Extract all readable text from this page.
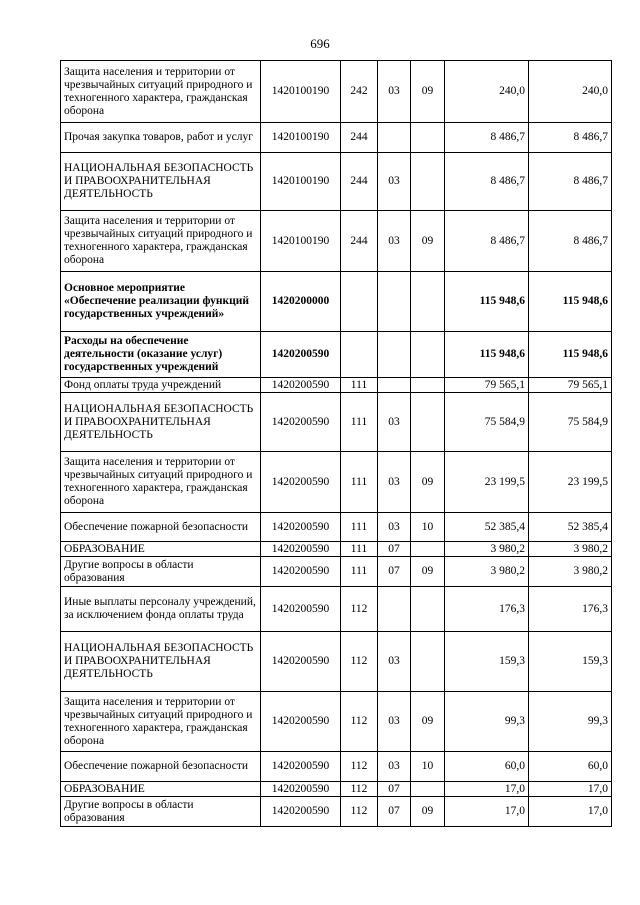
696
Защита населения и территории от чрезвычайных ситуаций природного и техногенного характера, гражданская оборона	1420100190	242	03	09	240,0	240,0
Прочая закупка товаров, работ и услуг	1420100190	244			8 486,7	8 486,7
НАЦИОНАЛЬНАЯ БЕЗОПАСНОСТЬ И ПРАВООХРАНИТЕЛЬНАЯ ДЕЯТЕЛЬНОСТЬ	1420100190	244	03		8 486,7	8 486,7
Защита населения и территории от чрезвычайных ситуаций природного и техногенного характера, гражданская оборона	1420100190	244	03	09	8 486,7	8 486,7
Основное мероприятие «Обеспечение реализации функций государственных учреждений»	1420200000				115 948,6	115 948,6
Расходы на обеспечение деятельности (оказание услуг) государственных учреждений	1420200590				115 948,6	115 948,6
Фонд оплаты труда учреждений	1420200590	111			79 565,1	79 565,1
НАЦИОНАЛЬНАЯ БЕЗОПАСНОСТЬ И ПРАВООХРАНИТЕЛЬНАЯ ДЕЯТЕЛЬНОСТЬ	1420200590	111	03		75 584,9	75 584,9
Защита населения и территории от чрезвычайных ситуаций природного и техногенного характера, гражданская оборона	1420200590	111	03	09	23 199,5	23 199,5
Обеспечение пожарной безопасности	1420200590	111	03	10	52 385,4	52 385,4
ОБРАЗОВАНИЕ	1420200590	111	07		3 980,2	3 980,2
Другие вопросы в области образования	1420200590	111	07	09	3 980,2	3 980,2
Иные выплаты персоналу учреждений, за исключением фонда оплаты труда	1420200590	112			176,3	176,3
НАЦИОНАЛЬНАЯ БЕЗОПАСНОСТЬ И ПРАВООХРАНИТЕЛЬНАЯ ДЕЯТЕЛЬНОСТЬ	1420200590	112	03		159,3	159,3
Защита населения и территории от чрезвычайных ситуаций природного и техногенного характера, гражданская оборона	1420200590	112	03	09	99,3	99,3
Обеспечение пожарной безопасности	1420200590	112	03	10	60,0	60,0
ОБРАЗОВАНИЕ	1420200590	112	07		17,0	17,0
Другие вопросы в области образования	1420200590	112	07	09	17,0	17,0
